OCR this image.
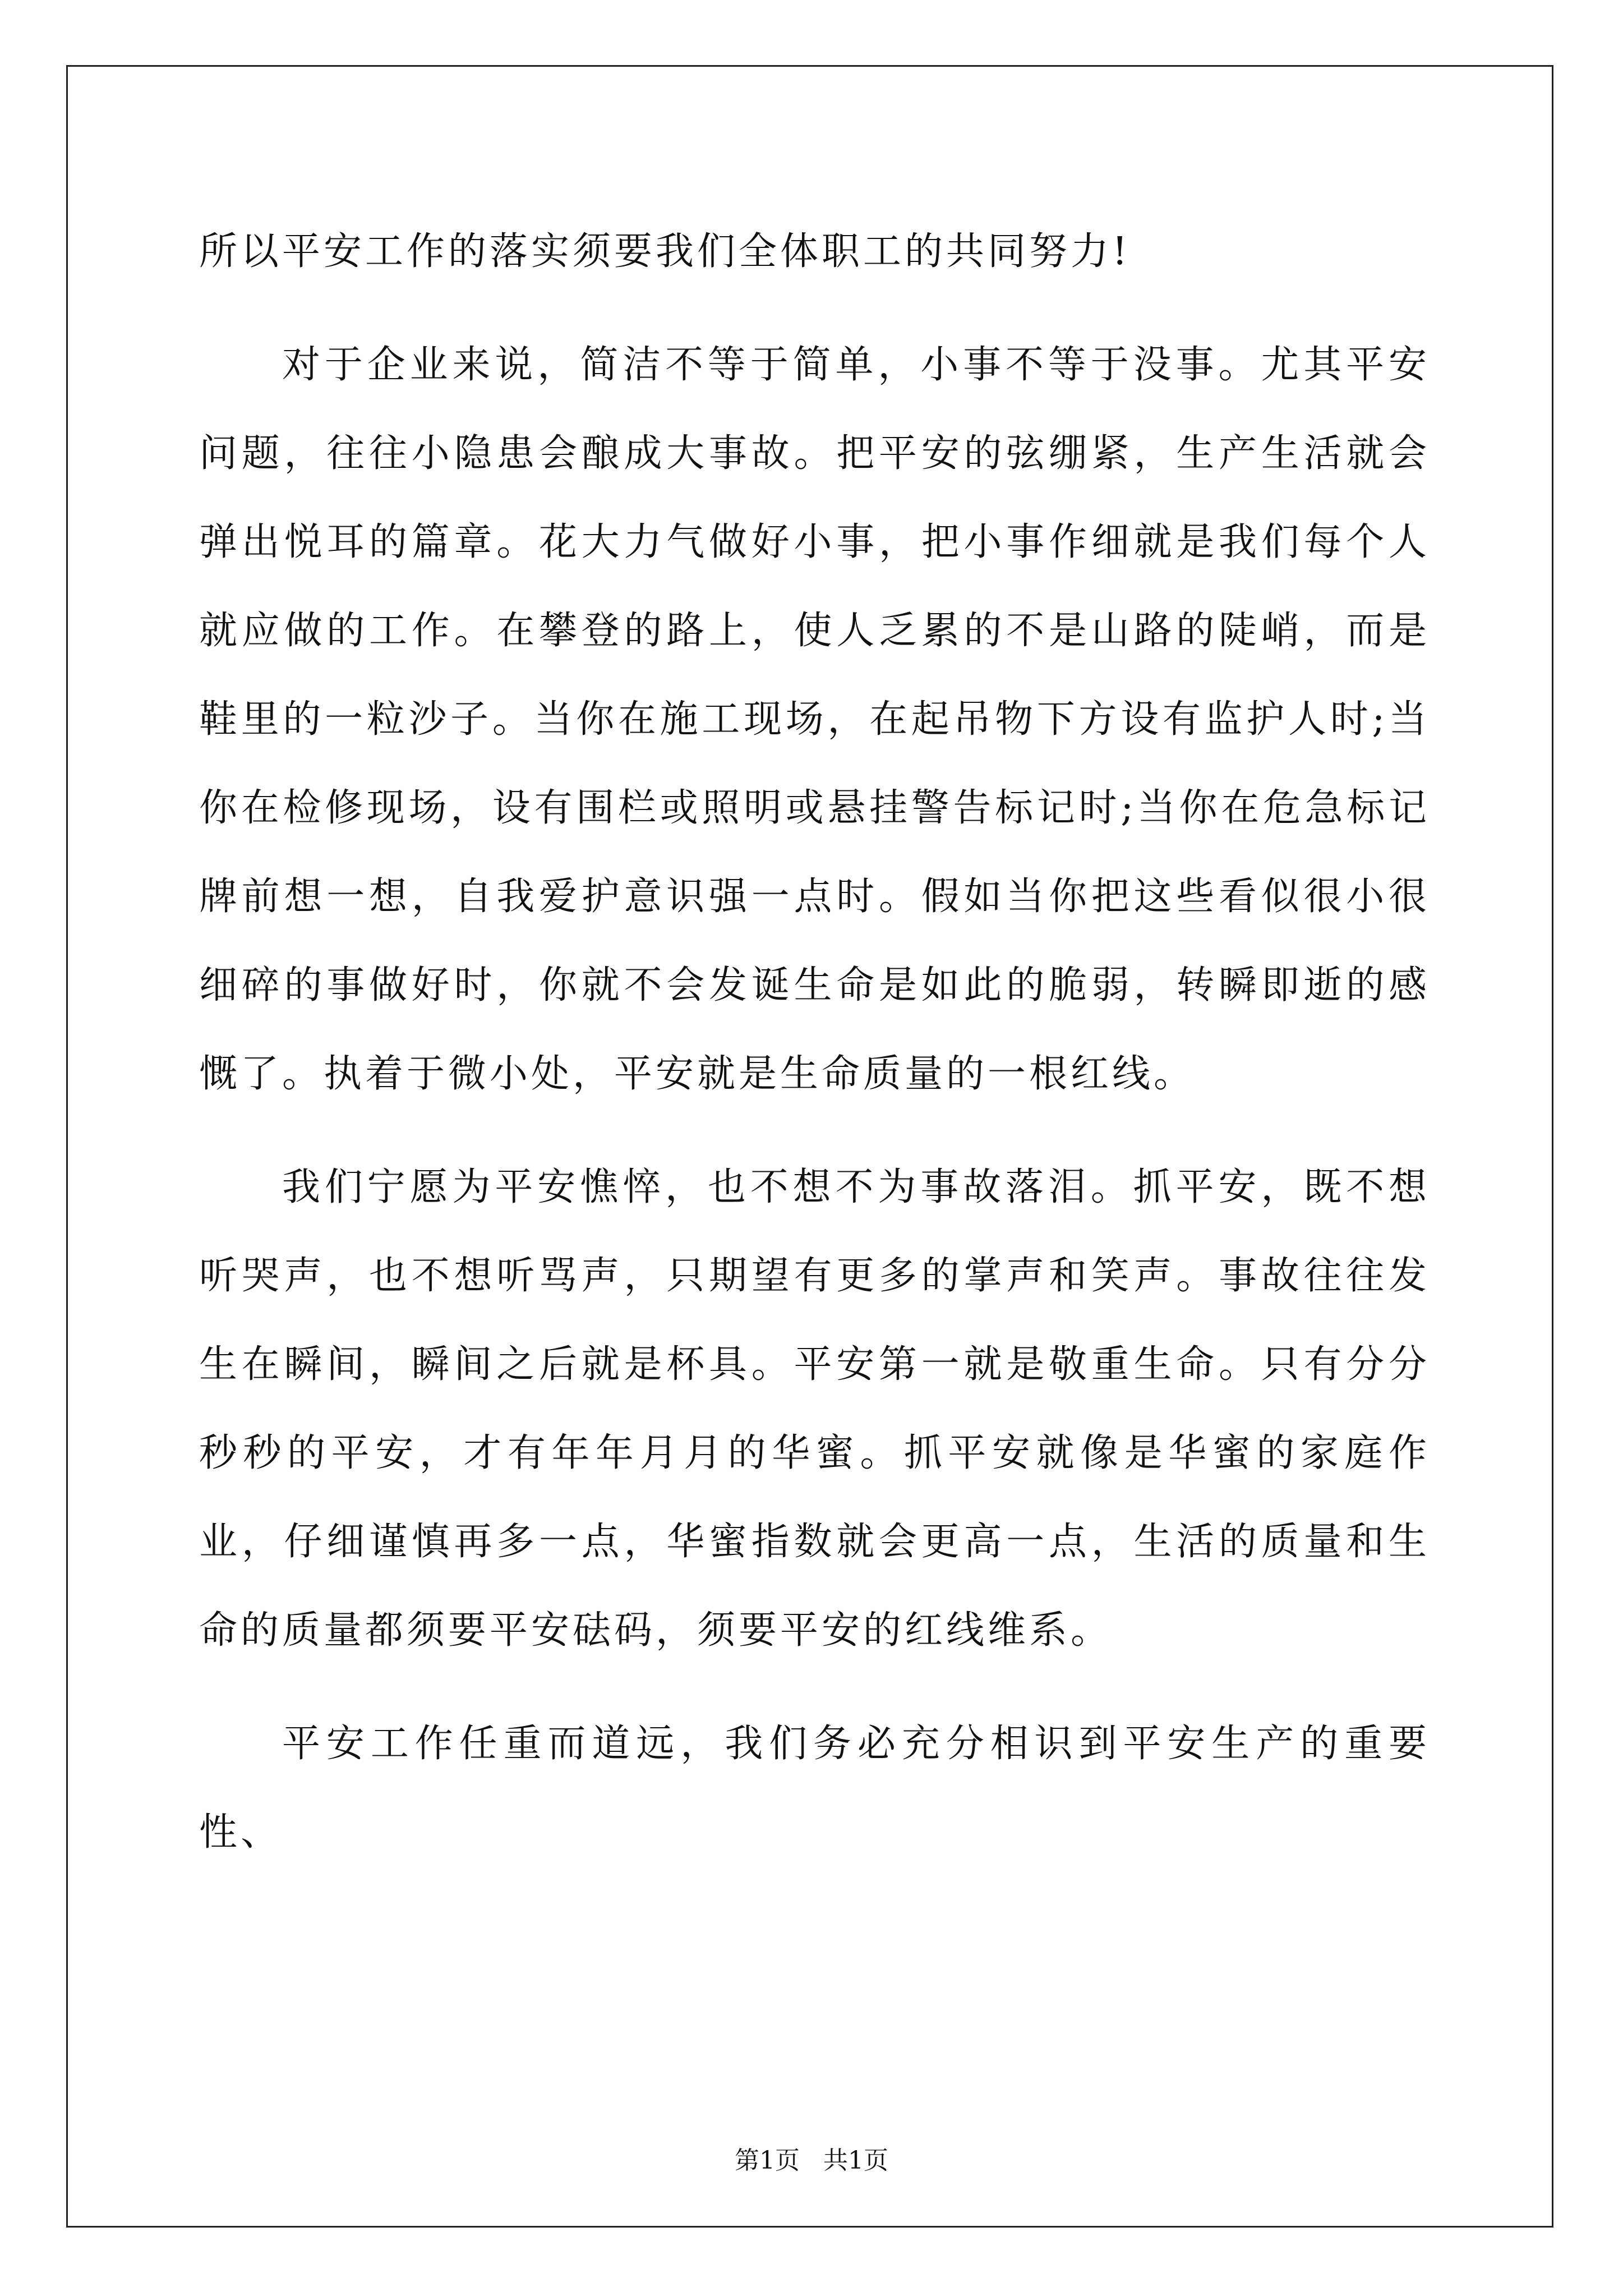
所以平安工作的落实须要我们全体职工的共同努力!

对于企业来说，简洁不等于简单，小事不等于没事。尤其平安问题，往往小隐患会酿成大事故。把平安的弦绷紧，生产生活就会弹出悦耳的篇章。花大力气做好小事，把小事作细就是我们每个人就应做的工作。在攀登的路上，使人乏累的不是山路的陡峭，而是鞋里的一粒沙子。当你在施工现场，在起吊物下方设有监护人时;当你在检修现场，设有围栏或照明或悬挂警告标记时;当你在危急标记牌前想一想，自我爱护意识强一点时。假如当你把这些看似很小很细碎的事做好时，你就不会发诞生命是如此的脆弱，转瞬即逝的感慨了。执着于微小处，平安就是生命质量的一根红线。

我们宁愿为平安憔悴，也不想不为事故落泪。抓平安，既不想听哭声，也不想听骂声，只期望有更多的掌声和笑声。事故往往发生在瞬间，瞬间之后就是杯具。平安第一就是敬重生命。只有分分秒秒的平安，才有年年月月的华蜜。抓平安就像是华蜜的家庭作业，仔细谨慎再多一点，华蜜指数就会更高一点，生活的质量和生命的质量都须要平安砝码，须要平安的红线维系。

平安工作任重而道远，我们务必充分相识到平安生产的重要性、

第1页   共1页
